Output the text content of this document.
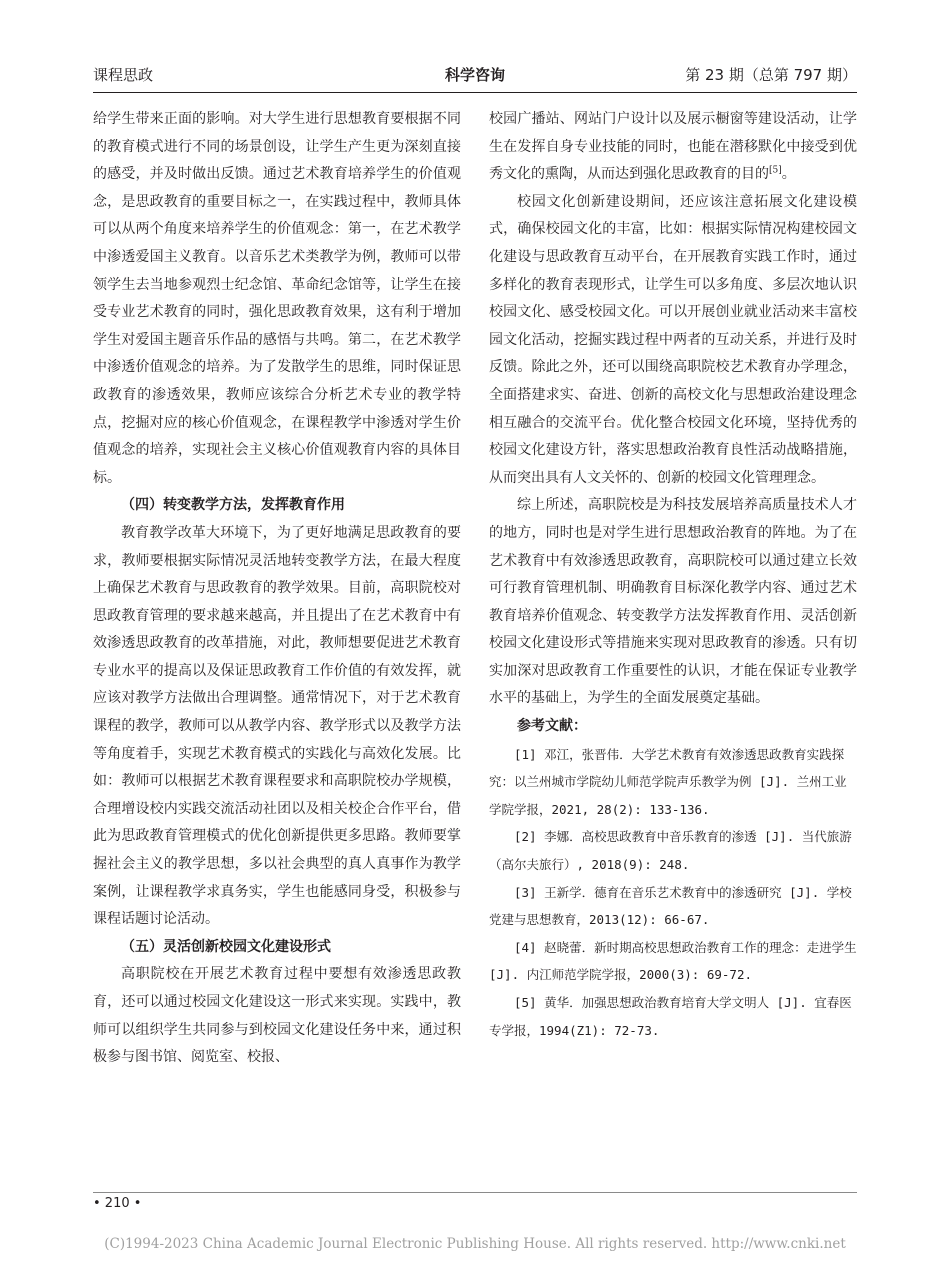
课程思政	科学咨询	第 23 期（总第 797 期）

给学生带来正面的影响。对大学生进行思想教育要根据不同的教育模式进行不同的场景创设，让学生产生更为深刻直接的感受，并及时做出反馈。通过艺术教育培养学生的价值观念，是思政教育的重要目标之一，在实践过程中，教师具体可以从两个角度来培养学生的价值观念：第一，在艺术教学中渗透爱国主义教育。以音乐艺术类教学为例，教师可以带领学生去当地参观烈士纪念馆、革命纪念馆等，让学生在接受专业艺术教育的同时，强化思政教育效果，这有利于增加学生对爱国主题音乐作品的感悟与共鸣。第二，在艺术教学中渗透价值观念的培养。为了发散学生的思维，同时保证思政教育的渗透效果，教师应该综合分析艺术专业的教学特点，挖掘对应的核心价值观念，在课程教学中渗透对学生价值观念的培养，实现社会主义核心价值观教育内容的具体目标。

（四）转变教学方法，发挥教育作用

教育教学改革大环境下，为了更好地满足思政教育的要求，教师要根据实际情况灵活地转变教学方法，在最大程度上确保艺术教育与思政教育的教学效果。目前，高职院校对思政教育管理的要求越来越高，并且提出了在艺术教育中有效渗透思政教育的改革措施，对此，教师想要促进艺术教育专业水平的提高以及保证思政教育工作价值的有效发挥，就应该对教学方法做出合理调整。通常情况下，对于艺术教育课程的教学，教师可以从教学内容、教学形式以及教学方法等角度着手，实现艺术教育模式的实践化与高效化发展。比如：教师可以根据艺术教育课程要求和高职院校办学规模，合理增设校内实践交流活动社团以及相关校企合作平台，借此为思政教育管理模式的优化创新提供更多思路。教师要掌握社会主义的教学思想，多以社会典型的真人真事作为教学案例，让课程教学求真务实，学生也能感同身受，积极参与课程话题讨论活动。

（五）灵活创新校园文化建设形式

高职院校在开展艺术教育过程中要想有效渗透思政教育，还可以通过校园文化建设这一形式来实现。实践中，教师可以组织学生共同参与到校园文化建设任务中来，通过积极参与图书馆、阅览室、校报、

校园广播站、网站门户设计以及展示橱窗等建设活动，让学生在发挥自身专业技能的同时，也能在潜移默化中接受到优秀文化的熏陶，从而达到强化思政教育的目的[5]。

校园文化创新建设期间，还应该注意拓展文化建设模式，确保校园文化的丰富，比如：根据实际情况构建校园文化建设与思政教育互动平台，在开展教育实践工作时，通过多样化的教育表现形式，让学生可以多角度、多层次地认识校园文化、感受校园文化。可以开展创业就业活动来丰富校园文化活动，挖掘实践过程中两者的互动关系，并进行及时反馈。除此之外，还可以围绕高职院校艺术教育办学理念，全面搭建求实、奋进、创新的高校文化与思想政治建设理念相互融合的交流平台。优化整合校园文化环境，坚持优秀的校园文化建设方针，落实思想政治教育良性活动战略措施，从而突出具有人文关怀的、创新的校园文化管理理念。

综上所述，高职院校是为科技发展培养高质量技术人才的地方，同时也是对学生进行思想政治教育的阵地。为了在艺术教育中有效渗透思政教育，高职院校可以通过建立长效可行教育管理机制、明确教育目标深化教学内容、通过艺术教育培养价值观念、转变教学方法发挥教育作用、灵活创新校园文化建设形式等措施来实现对思政教育的渗透。只有切实加深对思政教育工作重要性的认识，才能在保证专业教学水平的基础上，为学生的全面发展奠定基础。

参考文献：

[1] 邓江，张晋伟．大学艺术教育有效渗透思政教育实践探究：以兰州城市学院幼儿师范学院声乐教学为例 [J]. 兰州工业学院学报，2021, 28(2): 133-136.

[2] 李娜．高校思政教育中音乐教育的渗透 [J]. 当代旅游（高尔夫旅行）, 2018(9): 248.

[3] 王新学．德育在音乐艺术教育中的渗透研究 [J]. 学校党建与思想教育，2013(12): 66-67.

[4] 赵晓蕾．新时期高校思想政治教育工作的理念：走进学生 [J]. 内江师范学院学报，2000(3): 69-72.

[5] 黄华．加强思想政治教育培育大学文明人 [J]. 宜春医专学报，1994(Z1): 72-73.

• 210 •
(C)1994-2023 China Academic Journal Electronic Publishing House. All rights reserved. http://www.cnki.net
